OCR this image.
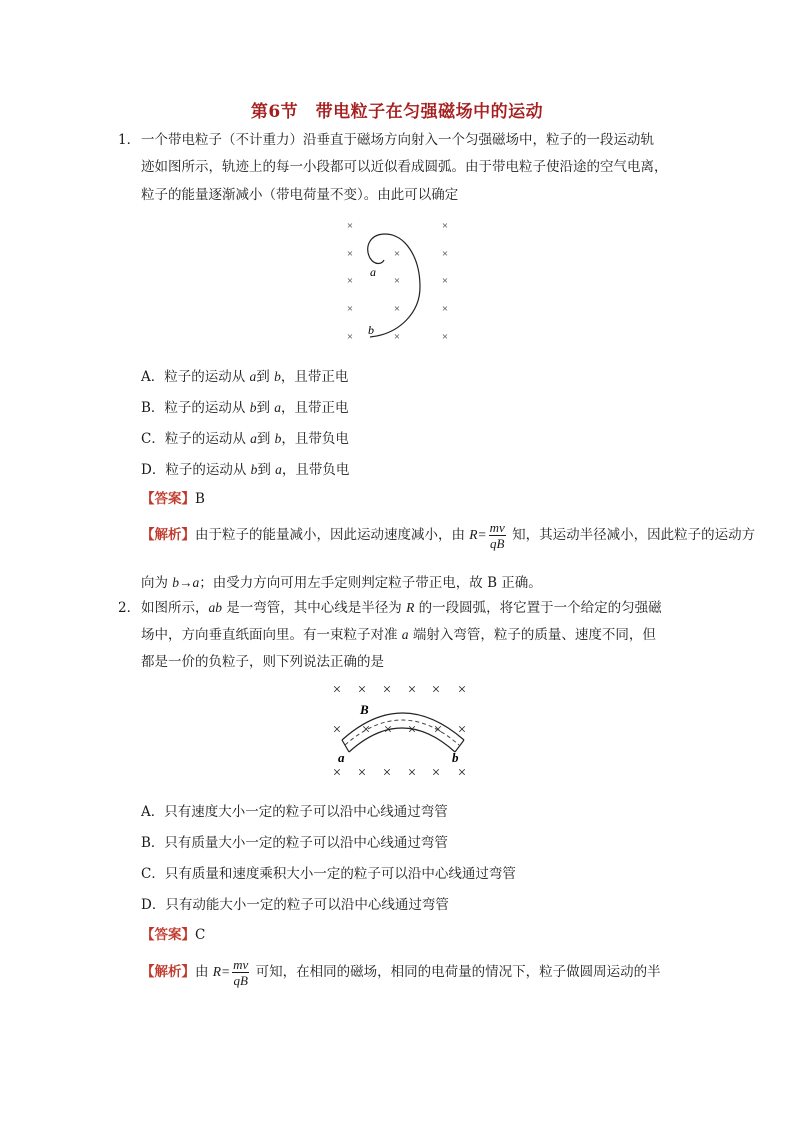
第6节　带电粒子在匀强磁场中的运动
1． 一个带电粒子（不计重力）沿垂直于磁场方向射入一个匀强磁场中，粒子的一段运动轨
迹如图所示，轨迹上的每一小段都可以近似看成圆弧。由于带电粒子使沿途的空气电离，
粒子的能量逐渐减小（带电荷量不变）。由此可以确定
×	×
×	×	×
×	×	×
×	×	×
×	×	×
a
b
A．粒子的运动从 a到 b，且带正电
B．粒子的运动从 b到 a，且带正电
C．粒子的运动从 a到 b，且带负电
D．粒子的运动从 b到 a，且带负电
【答案】B
【解析】由于粒子的能量减小，因此运动速度减小，由 $R= \frac{mv}{qB}$ 知，其运动半径减小，因此粒子的运动方
向为 b→a；由受力方向可用左手定则判定粒子带正电，故 B 正确。
2． 如图所示，ab 是一弯管，其中心线是半径为 R 的一段圆弧，将它置于一个给定的匀强磁
场中，方向垂直纸面向里。有一束粒子对准 a 端射入弯管，粒子的质量、速度不同，但
都是一价的负粒子，则下列说法正确的是
× × × × × ×
× × × × × ×
× × × × × ×
B
a	b
A．只有速度大小一定的粒子可以沿中心线通过弯管
B．只有质量大小一定的粒子可以沿中心线通过弯管
C．只有质量和速度乘积大小一定的粒子可以沿中心线通过弯管
D．只有动能大小一定的粒子可以沿中心线通过弯管
【答案】C
【解析】由 $R= \frac{mv}{qB}$ 可知，在相同的磁场，相同的电荷量的情况下，粒子做圆周运动的半
